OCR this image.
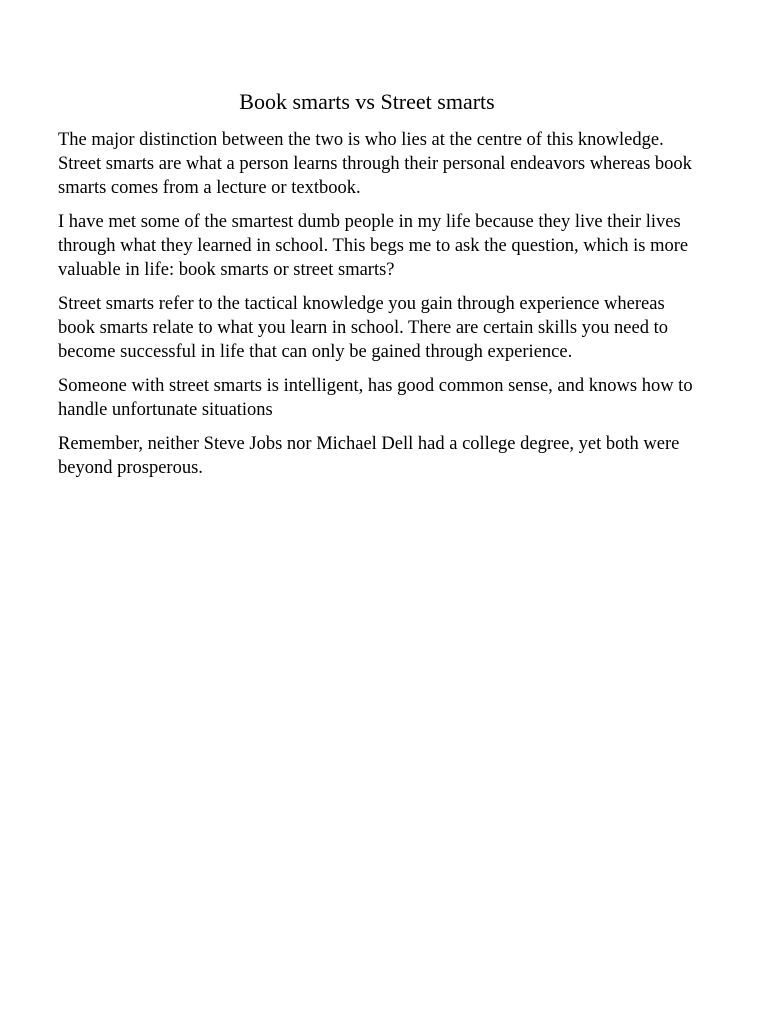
Book smarts vs Street smarts

The major distinction between the two is who lies at the centre of this knowledge. Street smarts are what a person learns through their personal endeavors whereas book smarts comes from a lecture or textbook.

I have met some of the smartest dumb people in my life because they live their lives through what they learned in school. This begs me to ask the question, which is more valuable in life: book smarts or street smarts?

Street smarts refer to the tactical knowledge you gain through experience whereas book smarts relate to what you learn in school. There are certain skills you need to become successful in life that can only be gained through experience.

Someone with street smarts is intelligent, has good common sense, and knows how to handle unfortunate situations

Remember, neither Steve Jobs nor Michael Dell had a college degree, yet both were beyond prosperous.
